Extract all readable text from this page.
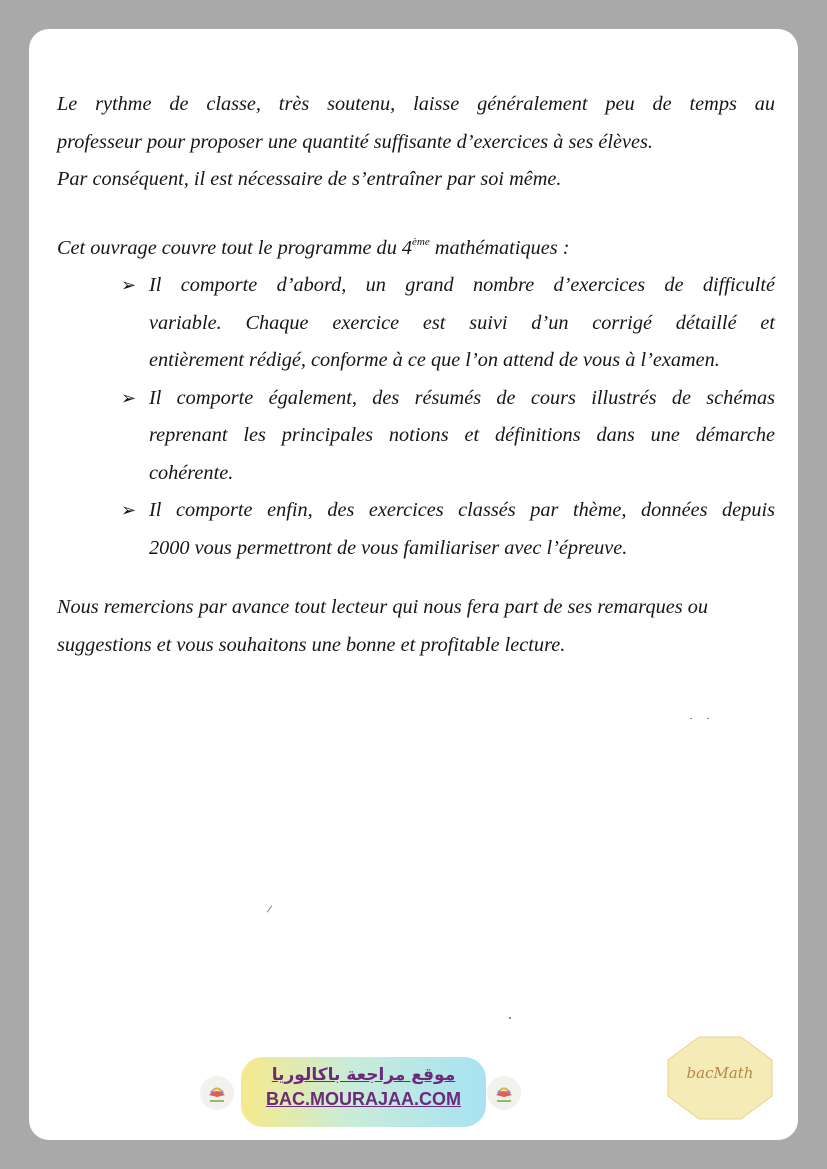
Le rythme de classe, très soutenu, laisse généralement peu de temps au
professeur pour proposer une quantité suffisante d’exercices à ses élèves.
Par conséquent, il est nécessaire de s’entraîner par soi même.

Cet ouvrage couvre tout le programme du 4ème mathématiques :
➢ Il comporte d’abord, un grand nombre d’exercices de difficulté
variable. Chaque exercice est suivi d’un corrigé détaillé et
entièrement rédigé, conforme à ce que l’on attend de vous à l’examen.
➢ Il comporte également, des résumés de cours illustrés de schémas
reprenant les principales notions et définitions dans une démarche
cohérente.
➢ Il comporte enfin, des exercices classés par thème, données depuis
2000 vous permettront de vous familiariser avec l’épreuve.

Nous remercions par avance tout lecteur qui nous fera part de ses remarques ou
suggestions et vous souhaitons une bonne et profitable lecture.

موقع مراجعة باكالوريا
BAC.MOURAJAA.COM
bacMath
